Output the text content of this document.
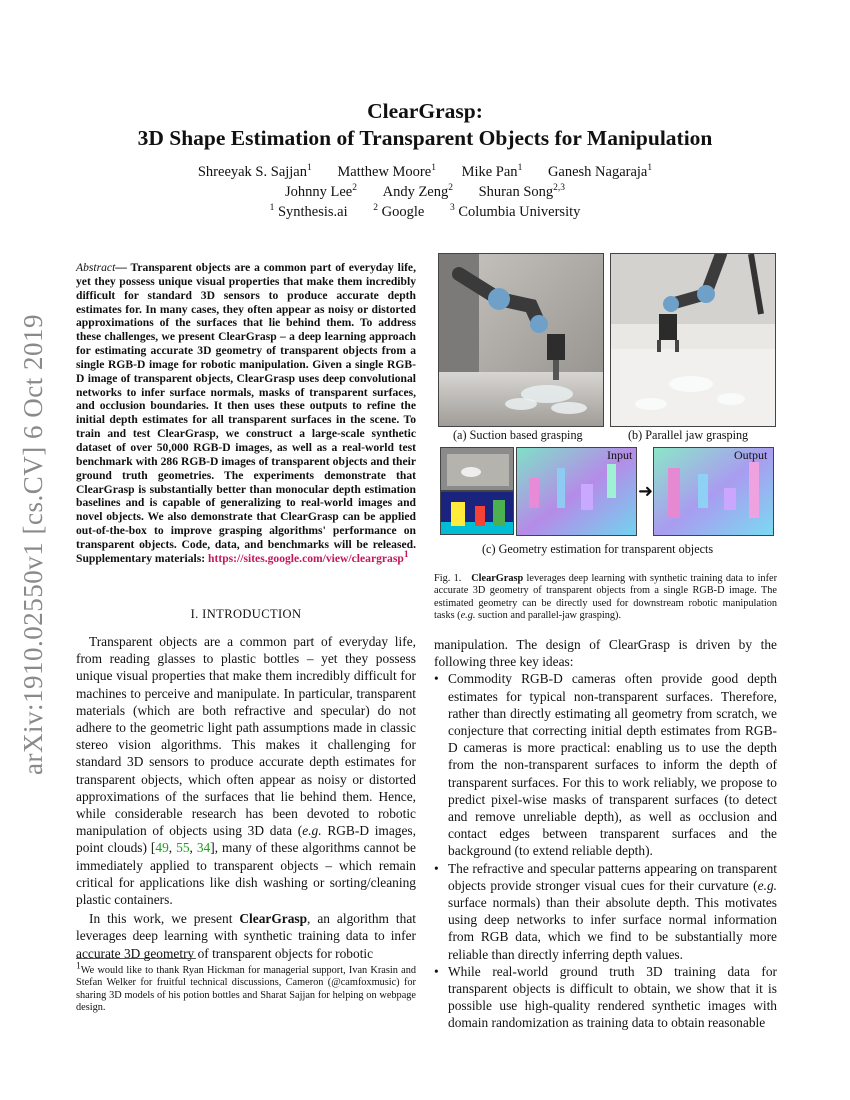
arXiv:1910.02550v1 [cs.CV] 6 Oct 2019
ClearGrasp:
3D Shape Estimation of Transparent Objects for Manipulation
Shreeyak S. Sajjan$^1$ Matthew Moore$^1$ Mike Pan$^1$ Ganesh Nagaraja$^1$
Johnny Lee$^2$ Andy Zeng$^2$ Shuran Song$^{2,3}$
$^1$ Synthesis.ai	$^2$ Google	$^3$ Columbia University
Abstract— Transparent objects are a common part of everyday life, yet they possess unique visual properties that make them incredibly difficult for standard 3D sensors to produce accurate depth estimates for. In many cases, they often appear as noisy or distorted approximations of the surfaces that lie behind them. To address these challenges, we present ClearGrasp – a deep learning approach for estimating accurate 3D geometry of transparent objects from a single RGB-D image for robotic manipulation. Given a single RGB-D image of transparent objects, ClearGrasp uses deep convolutional networks to infer surface normals, masks of transparent surfaces, and occlusion boundaries. It then uses these outputs to refine the initial depth estimates for all transparent surfaces in the scene. To train and test ClearGrasp, we construct a large-scale synthetic dataset of over 50,000 RGB-D images, as well as a real-world test benchmark with 286 RGB-D images of transparent objects and their ground truth geometries. The experiments demonstrate that ClearGrasp is substantially better than monocular depth estimation baselines and is capable of generalizing to real-world images and novel objects. We also demonstrate that ClearGrasp can be applied out-of-the-box to improve grasping algorithms' performance on transparent objects. Code, data, and benchmarks will be released. Supplementary materials: https://sites.google.com/view/cleargrasp$^1$
I. INTRODUCTION

Transparent objects are a common part of everyday life, from reading glasses to plastic bottles – yet they possess unique visual properties that make them incredibly difficult for machines to perceive and manipulate. In particular, transparent materials (which are both refractive and specular) do not adhere to the geometric light path assumptions made in classic stereo vision algorithms. This makes it challenging for standard 3D sensors to produce accurate depth estimates for transparent objects, which often appear as noisy or distorted approximations of the surfaces that lie behind them. Hence, while considerable research has been devoted to robotic manipulation of objects using 3D data (e.g. RGB-D images, point clouds) [49, 55, 34], many of these algorithms cannot be immediately applied to transparent objects – which remain critical for applications like dish washing or sorting/cleaning plastic containers.

In this work, we present ClearGrasp, an algorithm that leverages deep learning with synthetic training data to infer accurate 3D geometry of transparent objects for robotic

$^1$We would like to thank Ryan Hickman for managerial support, Ivan Krasin and Stefan Welker for fruitful technical discussions, Cameron (@camfoxmusic) for sharing 3D models of his potion bottles and Sharat Sajjan for helping on webpage design.
(a) Suction based grasping	(b) Parallel jaw grasping
Input
➜
Output
(c) Geometry estimation for transparent objects
Fig. 1. ClearGrasp leverages deep learning with synthetic training data to infer accurate 3D geometry of transparent objects from a single RGB-D image. The estimated geometry can be directly used for downstream robotic manipulation tasks (e.g. suction and parallel-jaw grasping).
manipulation. The design of ClearGrasp is driven by the following three key ideas:
• Commodity RGB-D cameras often provide good depth estimates for typical non-transparent surfaces. Therefore, rather than directly estimating all geometry from scratch, we conjecture that correcting initial depth estimates from RGB-D cameras is more practical: enabling us to use the depth from the non-transparent surfaces to inform the depth of transparent surfaces. For this to work reliably, we propose to predict pixel-wise masks of transparent surfaces (to detect and remove unreliable depth), as well as occlusion and contact edges between transparent surfaces and the background (to extend reliable depth).
• The refractive and specular patterns appearing on transparent objects provide stronger visual cues for their curvature (e.g. surface normals) than their absolute depth. This motivates using deep networks to infer surface normal information from RGB data, which we find to be substantially more reliable than directly inferring depth values.
• While real-world ground truth 3D training data for transparent objects is difficult to obtain, we show that it is possible use high-quality rendered synthetic images with domain randomization as training data to obtain reasonable
